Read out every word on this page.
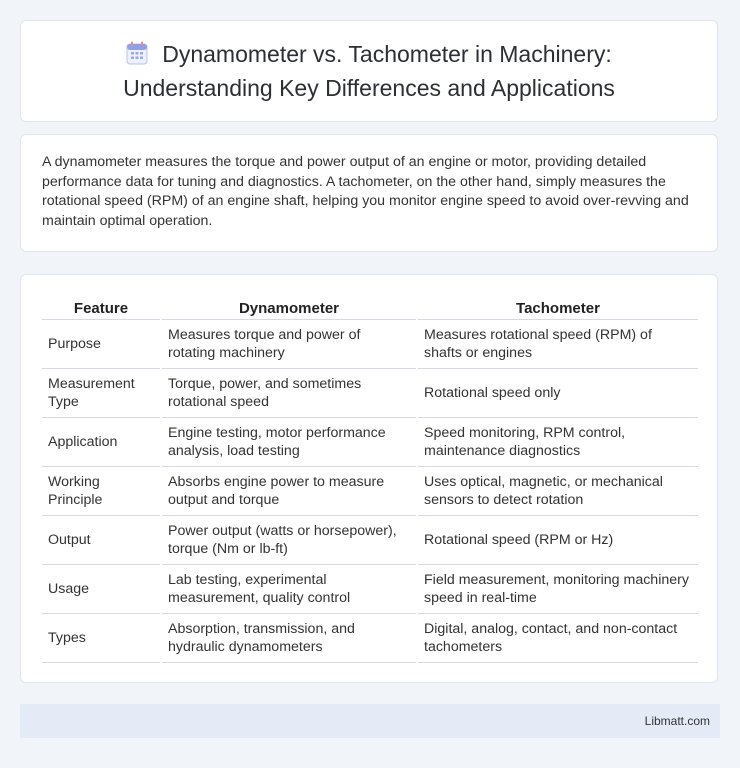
Dynamometer vs. Tachometer in Machinery:
Understanding Key Differences and Applications

A dynamometer measures the torque and power output of an engine or motor, providing detailed performance data for tuning and diagnostics. A tachometer, on the other hand, simply measures the rotational speed (RPM) of an engine shaft, helping you monitor engine speed to avoid over-revving and maintain optimal operation.

Feature	Dynamometer	Tachometer
Purpose	Measures torque and power of rotating machinery	Measures rotational speed (RPM) of shafts or engines
Measurement Type	Torque, power, and sometimes rotational speed	Rotational speed only
Application	Engine testing, motor performance analysis, load testing	Speed monitoring, RPM control, maintenance diagnostics
Working Principle	Absorbs engine power to measure output and torque	Uses optical, magnetic, or mechanical sensors to detect rotation
Output	Power output (watts or horsepower), torque (Nm or lb-ft)	Rotational speed (RPM or Hz)
Usage	Lab testing, experimental measurement, quality control	Field measurement, monitoring machinery speed in real-time
Types	Absorption, transmission, and hydraulic dynamometers	Digital, analog, contact, and non-contact tachometers
Libmatt.com
